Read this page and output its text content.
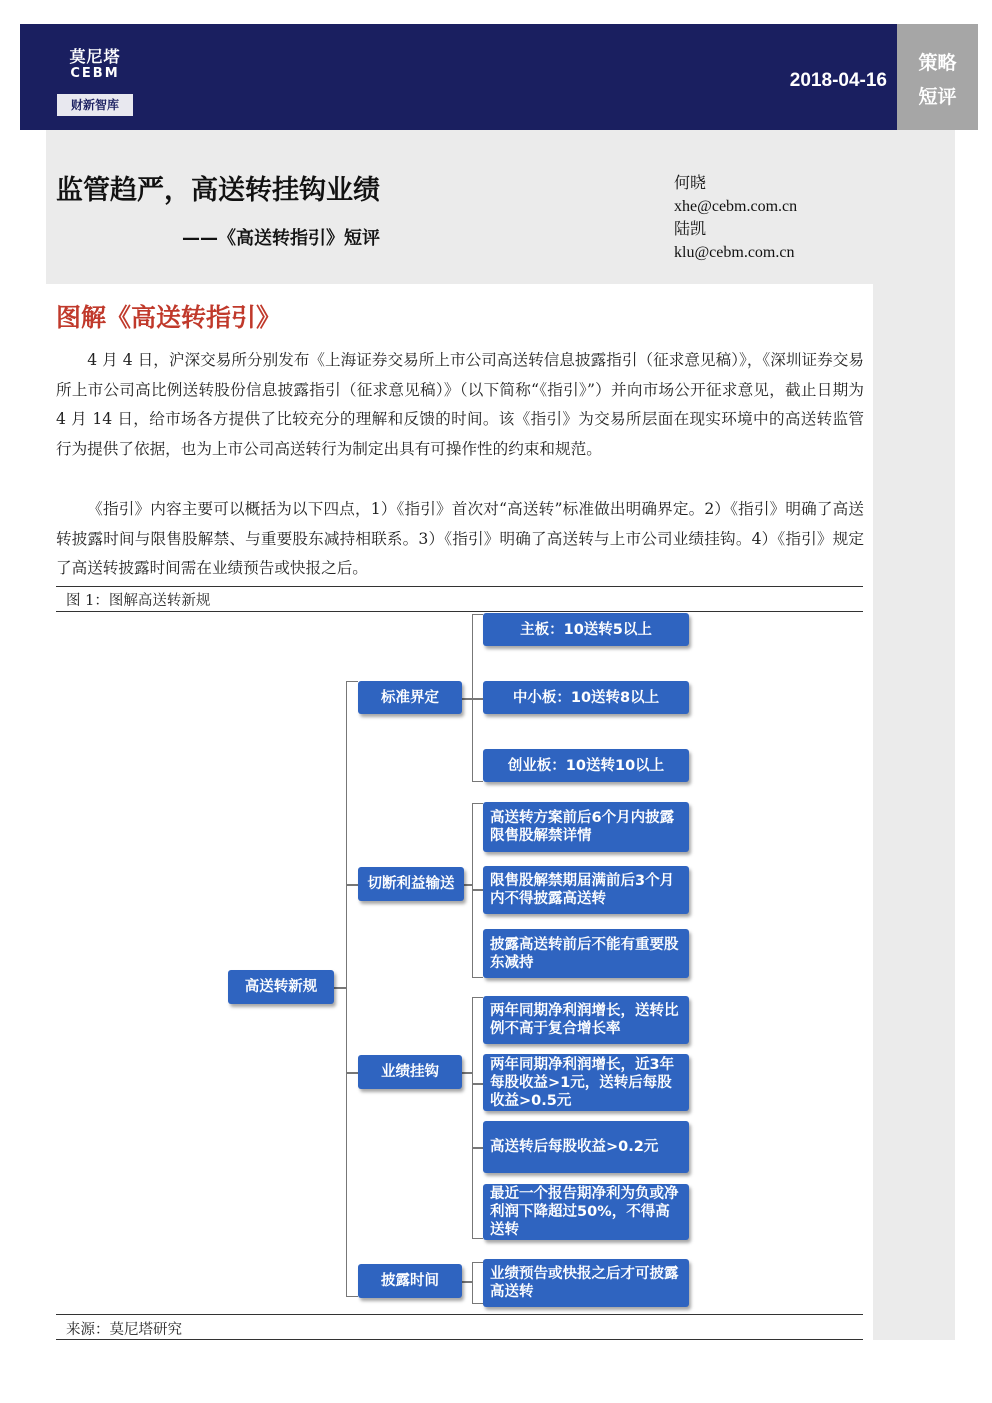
莫尼塔
CEBM
财新智库
2018-04-16
策略
短评
监管趋严，高送转挂钩业绩
——《高送转指引》短评
何晓
xhe@cebm.com.cn
陆凯
klu@cebm.com.cn
图解《高送转指引》
4 月 4 日，沪深交易所分别发布《上海证券交易所上市公司高送转信息披露指引（征求意见稿）》，《深圳证券交易所上市公司高比例送转股份信息披露指引（征求意见稿）》（以下简称“《指引》”）并向市场公开征求意见，截止日期为 4 月 14 日，给市场各方提供了比较充分的理解和反馈的时间。该《指引》为交易所层面在现实环境中的高送转监管行为提供了依据，也为上市公司高送转行为制定出具有可操作性的约束和规范。
《指引》内容主要可以概括为以下四点，1）《指引》首次对“高送转”标准做出明确界定。2）《指引》明确了高送转披露时间与限售股解禁、与重要股东减持相联系。3）《指引》明确了高送转与上市公司业绩挂钩。4）《指引》规定了高送转披露时间需在业绩预告或快报之后。
图 1：图解高送转新规
高送转新规
标准界定
切断利益输送
业绩挂钩
披露时间
主板：10送转5以上
中小板：10送转8以上
创业板：10送转10以上
高送转方案前后6个月内披露限售股解禁详情
限售股解禁期届满前后3个月内不得披露高送转
披露高送转前后不能有重要股东减持
两年同期净利润增长，送转比例不高于复合增长率
两年同期净利润增长，近3年每股收益>1元，送转后每股收益>0.5元
高送转后每股收益>0.2元
最近一个报告期净利为负或净利润下降超过50%，不得高送转
业绩预告或快报之后才可披露高送转
来源：莫尼塔研究
